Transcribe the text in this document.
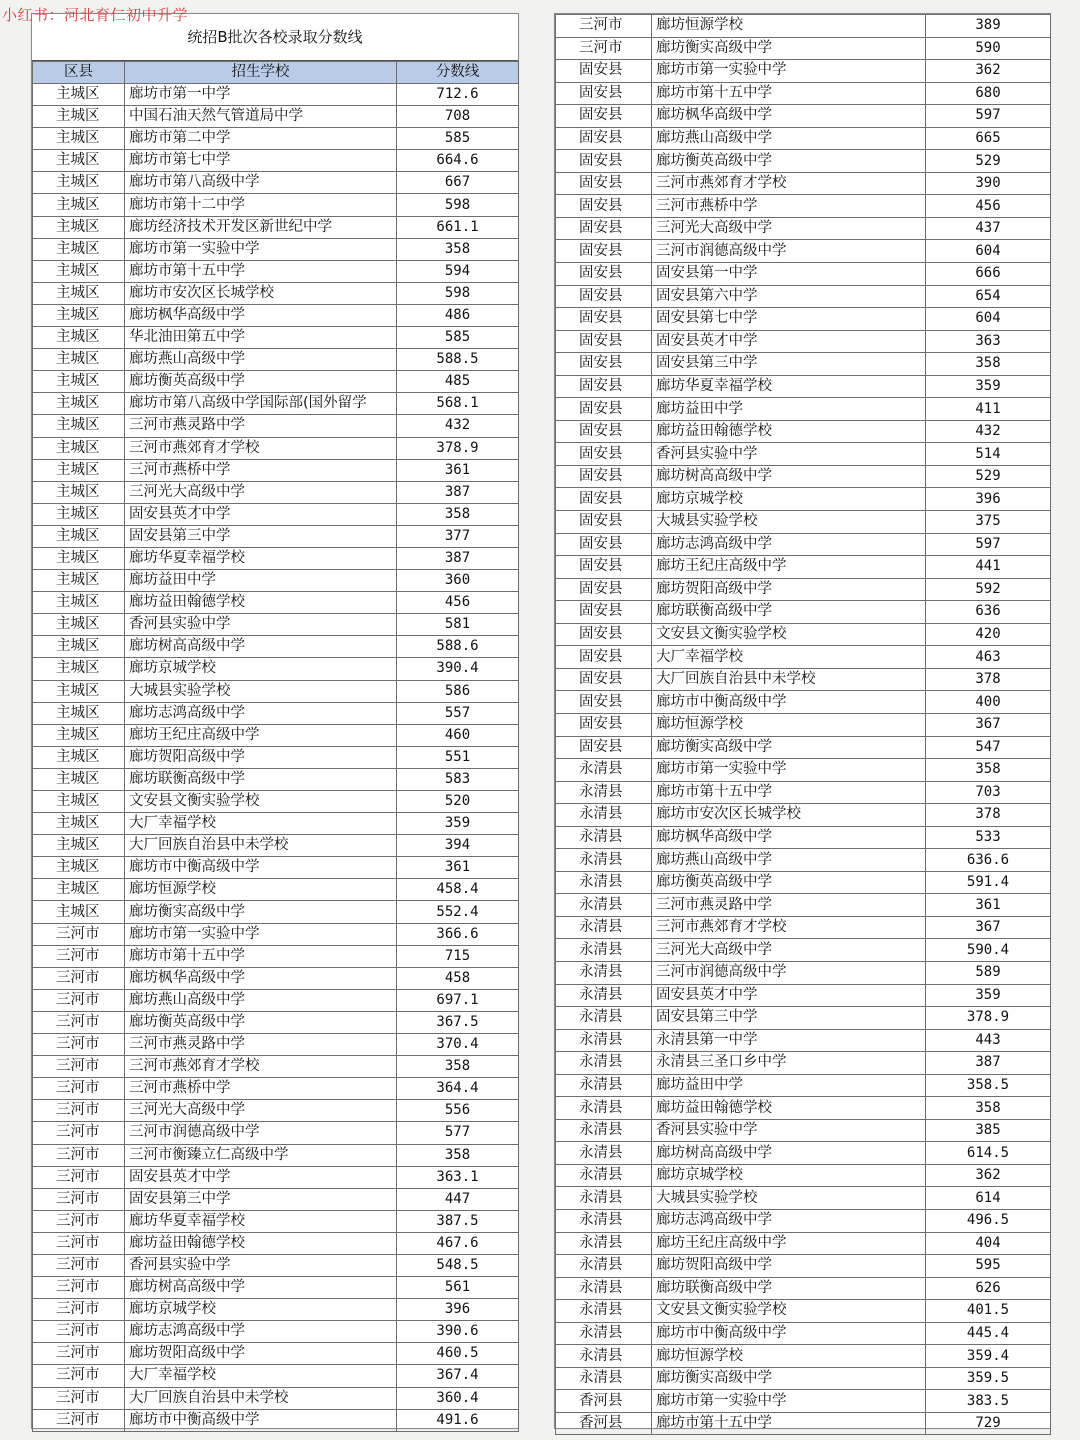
小红书：河北育仁初中升学
统招B批次各校录取分数线
区县	招生学校	分数线
主城区	廊坊市第一中学	712.6
主城区	中国石油天然气管道局中学	708
主城区	廊坊市第二中学	585
主城区	廊坊市第七中学	664.6
主城区	廊坊市第八高级中学	667
主城区	廊坊市第十二中学	598
主城区	廊坊经济技术开发区新世纪中学	661.1
主城区	廊坊市第一实验中学	358
主城区	廊坊市第十五中学	594
主城区	廊坊市安次区长城学校	598
主城区	廊坊枫华高级中学	486
主城区	华北油田第五中学	585
主城区	廊坊燕山高级中学	588.5
主城区	廊坊衡英高级中学	485
主城区	廊坊市第八高级中学国际部(国外留学	568.1
主城区	三河市燕灵路中学	432
主城区	三河市燕郊育才学校	378.9
主城区	三河市燕桥中学	361
主城区	三河光大高级中学	387
主城区	固安县英才中学	358
主城区	固安县第三中学	377
主城区	廊坊华夏幸福学校	387
主城区	廊坊益田中学	360
主城区	廊坊益田翰德学校	456
主城区	香河县实验中学	581
主城区	廊坊树高高级中学	588.6
主城区	廊坊京城学校	390.4
主城区	大城县实验学校	586
主城区	廊坊志鸿高级中学	557
主城区	廊坊王纪庄高级中学	460
主城区	廊坊贺阳高级中学	551
主城区	廊坊联衡高级中学	583
主城区	文安县文衡实验学校	520
主城区	大厂幸福学校	359
主城区	大厂回族自治县中未学校	394
主城区	廊坊市中衡高级中学	361
主城区	廊坊恒源学校	458.4
主城区	廊坊衡实高级中学	552.4
三河市	廊坊市第一实验中学	366.6
三河市	廊坊市第十五中学	715
三河市	廊坊枫华高级中学	458
三河市	廊坊燕山高级中学	697.1
三河市	廊坊衡英高级中学	367.5
三河市	三河市燕灵路中学	370.4
三河市	三河市燕郊育才学校	358
三河市	三河市燕桥中学	364.4
三河市	三河光大高级中学	556
三河市	三河市润德高级中学	577
三河市	三河市衡臻立仁高级中学	358
三河市	固安县英才中学	363.1
三河市	固安县第三中学	447
三河市	廊坊华夏幸福学校	387.5
三河市	廊坊益田翰德学校	467.6
三河市	香河县实验中学	548.5
三河市	廊坊树高高级中学	561
三河市	廊坊京城学校	396
三河市	廊坊志鸿高级中学	390.6
三河市	廊坊贺阳高级中学	460.5
三河市	大厂幸福学校	367.4
三河市	大厂回族自治县中未学校	360.4
三河市	廊坊市中衡高级中学	491.6
三河市	廊坊恒源学校	389
三河市	廊坊衡实高级中学	590
固安县	廊坊市第一实验中学	362
固安县	廊坊市第十五中学	680
固安县	廊坊枫华高级中学	597
固安县	廊坊燕山高级中学	665
固安县	廊坊衡英高级中学	529
固安县	三河市燕郊育才学校	390
固安县	三河市燕桥中学	456
固安县	三河光大高级中学	437
固安县	三河市润德高级中学	604
固安县	固安县第一中学	666
固安县	固安县第六中学	654
固安县	固安县第七中学	604
固安县	固安县英才中学	363
固安县	固安县第三中学	358
固安县	廊坊华夏幸福学校	359
固安县	廊坊益田中学	411
固安县	廊坊益田翰德学校	432
固安县	香河县实验中学	514
固安县	廊坊树高高级中学	529
固安县	廊坊京城学校	396
固安县	大城县实验学校	375
固安县	廊坊志鸿高级中学	597
固安县	廊坊王纪庄高级中学	441
固安县	廊坊贺阳高级中学	592
固安县	廊坊联衡高级中学	636
固安县	文安县文衡实验学校	420
固安县	大厂幸福学校	463
固安县	大厂回族自治县中未学校	378
固安县	廊坊市中衡高级中学	400
固安县	廊坊恒源学校	367
固安县	廊坊衡实高级中学	547
永清县	廊坊市第一实验中学	358
永清县	廊坊市第十五中学	703
永清县	廊坊市安次区长城学校	378
永清县	廊坊枫华高级中学	533
永清县	廊坊燕山高级中学	636.6
永清县	廊坊衡英高级中学	591.4
永清县	三河市燕灵路中学	361
永清县	三河市燕郊育才学校	367
永清县	三河光大高级中学	590.4
永清县	三河市润德高级中学	589
永清县	固安县英才中学	359
永清县	固安县第三中学	378.9
永清县	永清县第一中学	443
永清县	永清县三圣口乡中学	387
永清县	廊坊益田中学	358.5
永清县	廊坊益田翰德学校	358
永清县	香河县实验中学	385
永清县	廊坊树高高级中学	614.5
永清县	廊坊京城学校	362
永清县	大城县实验学校	614
永清县	廊坊志鸿高级中学	496.5
永清县	廊坊王纪庄高级中学	404
永清县	廊坊贺阳高级中学	595
永清县	廊坊联衡高级中学	626
永清县	文安县文衡实验学校	401.5
永清县	廊坊市中衡高级中学	445.4
永清县	廊坊恒源学校	359.4
永清县	廊坊衡实高级中学	359.5
香河县	廊坊市第一实验中学	383.5
香河县	廊坊市第十五中学	729
